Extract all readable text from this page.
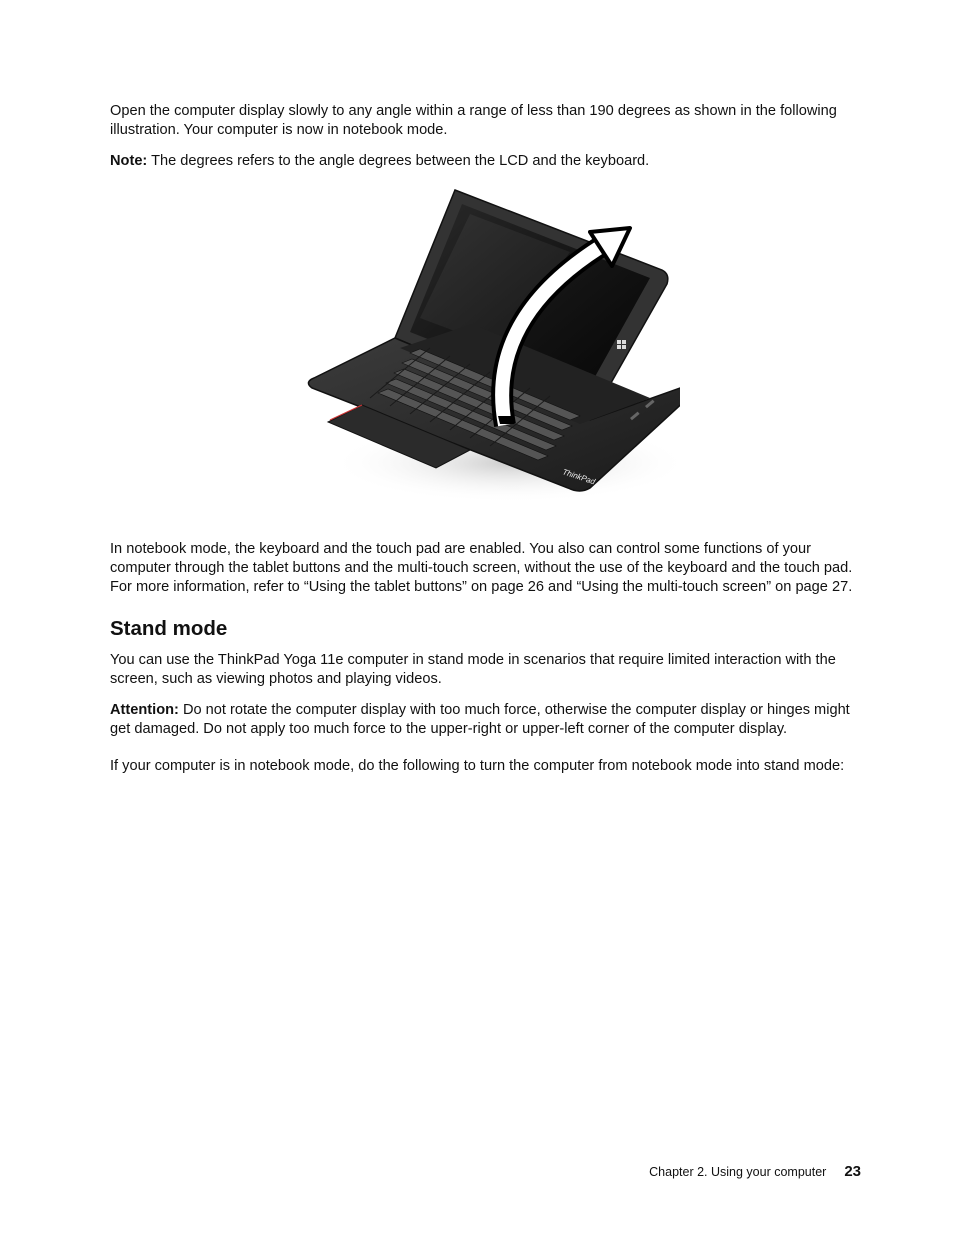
Open the computer display slowly to any angle within a range of less than 190 degrees as shown in the following illustration. Your computer is now in notebook mode.

Note: The degrees refers to the angle degrees between the LCD and the keyboard.

ThinkPad

In notebook mode, the keyboard and the touch pad are enabled. You also can control some functions of your computer through the tablet buttons and the multi-touch screen, without the use of the keyboard and the touch pad. For more information, refer to “Using the tablet buttons” on page 26 and “Using the multi-touch screen” on page 27.

Stand mode

You can use the ThinkPad Yoga 11e computer in stand mode in scenarios that require limited interaction with the screen, such as viewing photos and playing videos.

Attention: Do not rotate the computer display with too much force, otherwise the computer display or hinges might get damaged. Do not apply too much force to the upper-right or upper-left corner of the computer display.

If your computer is in notebook mode, do the following to turn the computer from notebook mode into stand mode:

Chapter 2. Using your computer 23
